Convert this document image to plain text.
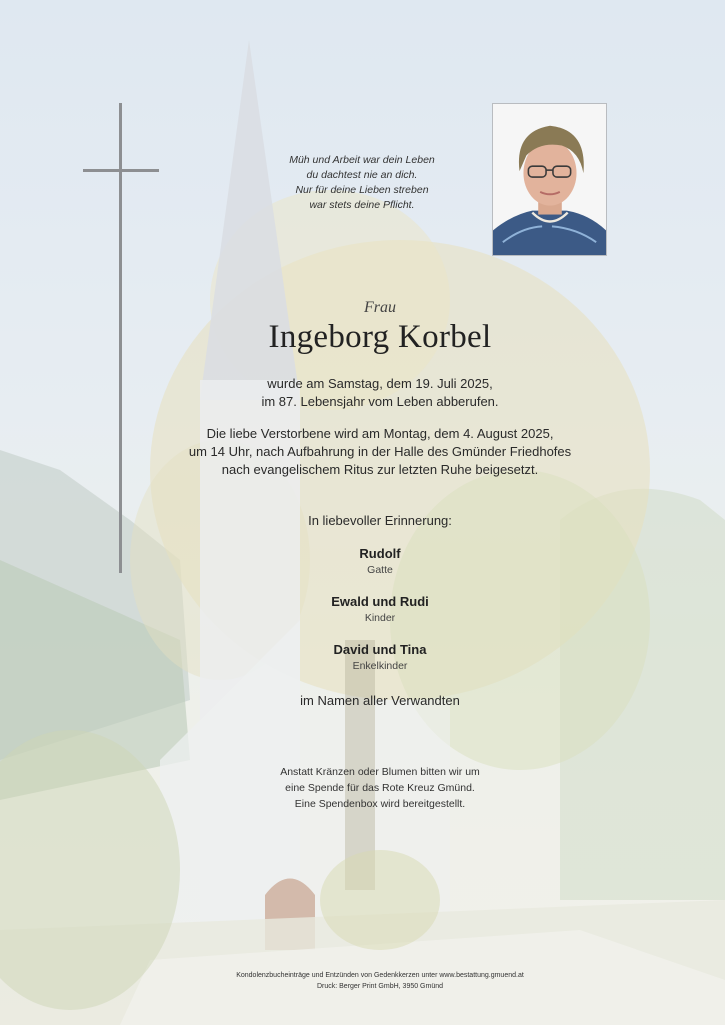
Müh und Arbeit war dein Leben
du dachtest nie an dich.
Nur für deine Lieben streben
war stets deine Pflicht.
Frau
Ingeborg Korbel
wurde am Samstag, dem 19. Juli 2025,
im 87. Lebensjahr vom Leben abberufen.
Die liebe Verstorbene wird am Montag, dem 4. August 2025,
um 14 Uhr, nach Aufbahrung in der Halle des Gmünder Friedhofes
nach evangelischem Ritus zur letzten Ruhe beigesetzt.
In liebevoller Erinnerung:
Rudolf
Gatte
Ewald und Rudi
Kinder
David und Tina
Enkelkinder
im Namen aller Verwandten
Anstatt Kränzen oder Blumen bitten wir um
eine Spende für das Rote Kreuz Gmünd.
Eine Spendenbox wird bereitgestellt.
Kondolenzbucheinträge und Entzünden von Gedenkkerzen unter www.bestattung.gmuend.at
Druck: Berger Print GmbH, 3950 Gmünd
